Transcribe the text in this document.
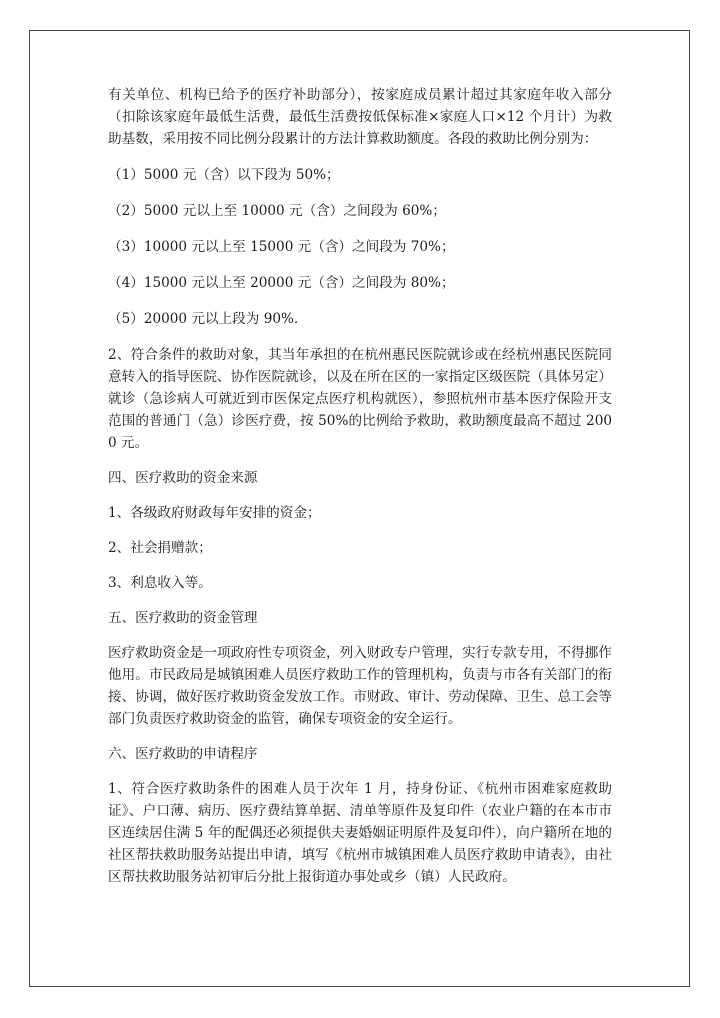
有关单位、机构已给予的医疗补助部分），按家庭成员累计超过其家庭年收入部分（扣除该家庭年最低生活费，最低生活费按低保标准×家庭人口×12 个月计）为救助基数，采用按不同比例分段累计的方法计算救助额度。各段的救助比例分别为：

（1）5000 元（含）以下段为 50%；

（2）5000 元以上至 10000 元（含）之间段为 60%；

（3）10000 元以上至 15000 元（含）之间段为 70%；

（4）15000 元以上至 20000 元（含）之间段为 80%；

（5）20000 元以上段为 90%.

2、符合条件的救助对象，其当年承担的在杭州惠民医院就诊或在经杭州惠民医院同意转入的指导医院、协作医院就诊，以及在所在区的一家指定区级医院（具体另定）就诊（急诊病人可就近到市医保定点医疗机构就医），参照杭州市基本医疗保险开支范围的普通门（急）诊医疗费，按 50%的比例给予救助，救助额度最高不超过 2000 元。

四、医疗救助的资金来源

1、各级政府财政每年安排的资金；

2、社会捐赠款；

3、利息收入等。

五、医疗救助的资金管理

医疗救助资金是一项政府性专项资金，列入财政专户管理，实行专款专用，不得挪作他用。市民政局是城镇困难人员医疗救助工作的管理机构，负责与市各有关部门的衔接、协调，做好医疗救助资金发放工作。市财政、审计、劳动保障、卫生、总工会等部门负责医疗救助资金的监管，确保专项资金的安全运行。

六、医疗救助的申请程序

1、符合医疗救助条件的困难人员于次年 1 月，持身份证、《杭州市困难家庭救助证》、户口薄、病历、医疗费结算单据、清单等原件及复印件（农业户籍的在本市市区连续居住满 5 年的配偶还必须提供夫妻婚姻证明原件及复印件），向户籍所在地的社区帮扶救助服务站提出申请，填写《杭州市城镇困难人员医疗救助申请表》，由社区帮扶救助服务站初审后分批上报街道办事处或乡（镇）人民政府。
